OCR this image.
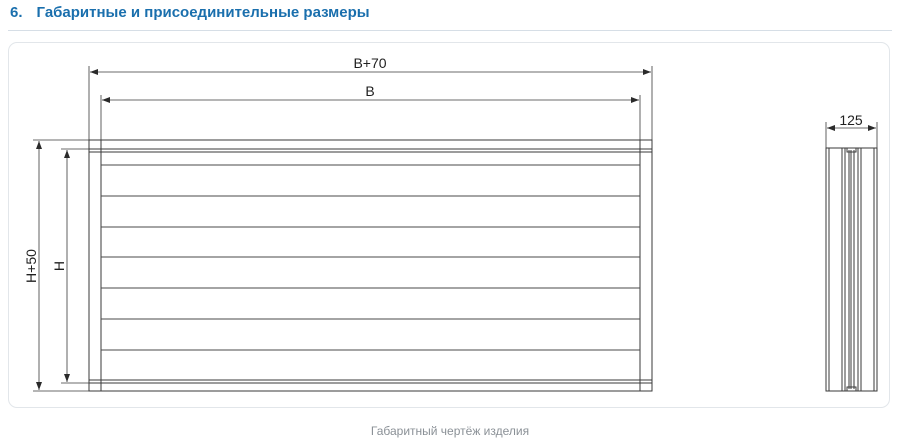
6. Габаритные и присоединительные размеры
B+70
B
H+50 H
125
Габаритный чертёж изделия
